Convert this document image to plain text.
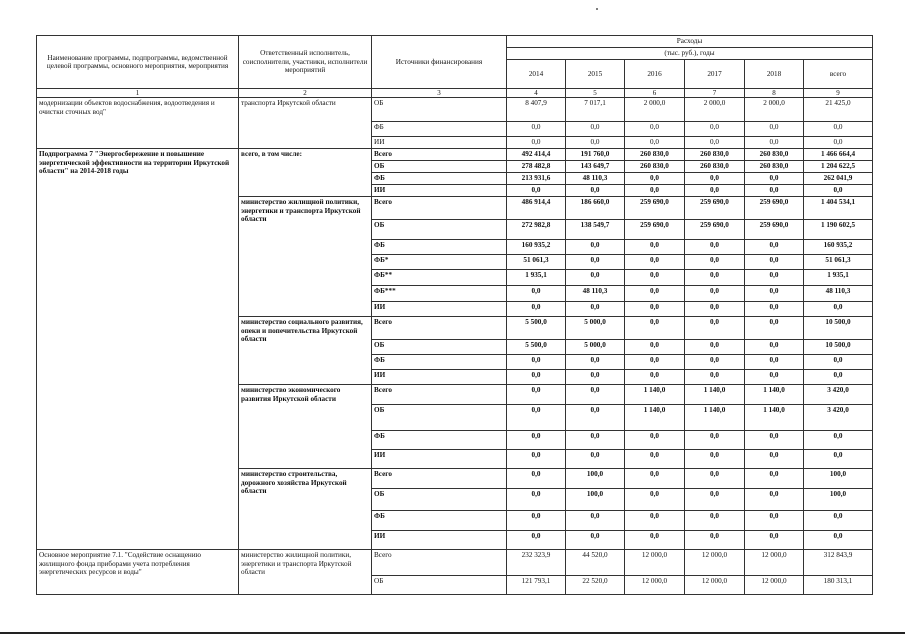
Наименование программы, подпрограммы, ведомственной целевой программы, основного мероприятия, мероприятия	Ответственный исполнитель, соисполнители, участники, исполнители мероприятий	Источники финансирования	Расходы					
			(тыс. руб.), годы					
			2014	2015	2016	2017	2018	всего
1	2	3	4	5	6	7	8	9
модернизации объектов водоснабжения, водоотведения и очистки сточных вод"	транспорта Иркутской области	ОБ	8 407,9	7 017,1	2 000,0	2 000,0	2 000,0	21 425,0
		ФБ	0,0	0,0	0,0	0,0	0,0	0,0
		ИИ	0,0	0,0	0,0	0,0	0,0	0,0
Подпрограмма 7 "Энергосбережение и повышение энергетической эффективности на территории Иркутской области" на 2014-2018 годы	всего, в том числе:	Всего	492 414,4	191 760,0	260 830,0	260 830,0	260 830,0	1 466 664,4
		ОБ	278 482,8	143 649,7	260 830,0	260 830,0	260 830,0	1 204 622,5
		ФБ	213 931,6	48 110,3	0,0	0,0	0,0	262 041,9
		ИИ	0,0	0,0	0,0	0,0	0,0	0,0
	министерство жилищной политики, энергетики и транспорта Иркутской области	Всего	486 914,4	186 660,0	259 690,0	259 690,0	259 690,0	1 404 534,1
		ОБ	272 982,8	138 549,7	259 690,0	259 690,0	259 690,0	1 190 602,5
		ФБ	160 935,2	0,0	0,0	0,0	0,0	160 935,2
		ФБ*	51 061,3	0,0	0,0	0,0	0,0	51 061,3
		ФБ**	1 935,1	0,0	0,0	0,0	0,0	1 935,1
		ФБ***	0,0	48 110,3	0,0	0,0	0,0	48 110,3
		ИИ	0,0	0,0	0,0	0,0	0,0	0,0
	министерство социального развития, опеки и попечительства Иркутской области	Всего	5 500,0	5 000,0	0,0	0,0	0,0	10 500,0
		ОБ	5 500,0	5 000,0	0,0	0,0	0,0	10 500,0
		ФБ	0,0	0,0	0,0	0,0	0,0	0,0
		ИИ	0,0	0,0	0,0	0,0	0,0	0,0
	министерство экономического развития Иркутской области	Всего	0,0	0,0	1 140,0	1 140,0	1 140,0	3 420,0
		ОБ	0,0	0,0	1 140,0	1 140,0	1 140,0	3 420,0
		ФБ	0,0	0,0	0,0	0,0	0,0	0,0
		ИИ	0,0	0,0	0,0	0,0	0,0	0,0
	министерство строительства, дорожного хозяйства Иркутской области	Всего	0,0	100,0	0,0	0,0	0,0	100,0
		ОБ	0,0	100,0	0,0	0,0	0,0	100,0
		ФБ	0,0	0,0	0,0	0,0	0,0	0,0
		ИИ	0,0	0,0	0,0	0,0	0,0	0,0
Основное мероприятие 7.1. "Содействие оснащению жилищного фонда приборами учета потребления энергетических ресурсов и воды"	министерство жилищной политики, энергетики и транспорта Иркутской области	Всего	232 323,9	44 520,0	12 000,0	12 000,0	12 000,0	312 843,9
		ОБ	121 793,1	22 520,0	12 000,0	12 000,0	12 000,0	180 313,1
